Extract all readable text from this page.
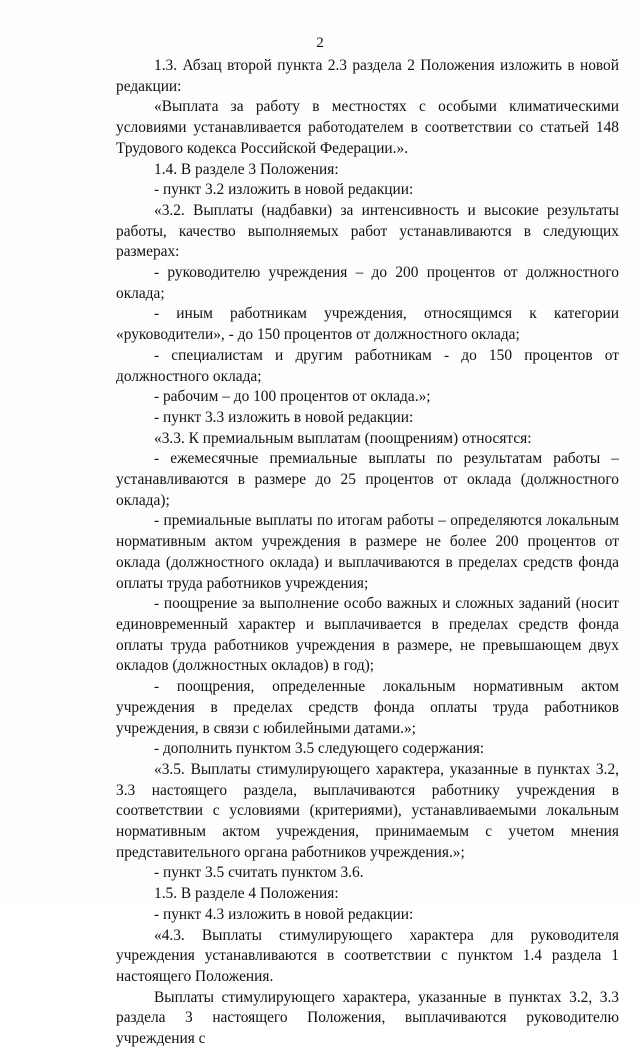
2

1.3. Абзац второй пункта 2.3 раздела 2 Положения изложить в новой редакции:

«Выплата за работу в местностях с особыми климатическими условиями устанавливается работодателем в соответствии со статьей 148 Трудового кодекса Российской Федерации.».

1.4. В разделе 3 Положения:

- пункт 3.2 изложить в новой редакции:

«3.2. Выплаты (надбавки) за интенсивность и высокие результаты работы, качество выполняемых работ устанавливаются в следующих размерах:

- руководителю учреждения – до 200 процентов от должностного оклада;

- иным работникам учреждения, относящимся к категории «руководители», - до 150 процентов от должностного оклада;

- специалистам и другим работникам - до 150 процентов от должностного оклада;

- рабочим – до 100 процентов от оклада.»;

- пункт 3.3 изложить в новой редакции:

«3.3. К премиальным выплатам (поощрениям) относятся:

- ежемесячные премиальные выплаты по результатам работы – устанавливаются в размере до 25 процентов от оклада (должностного оклада);

- премиальные выплаты по итогам работы – определяются локальным нормативным актом учреждения в размере не более 200 процентов от оклада (должностного оклада) и выплачиваются в пределах средств фонда оплаты труда работников учреждения;

- поощрение за выполнение особо важных и сложных заданий (носит единовременный характер и выплачивается в пределах средств фонда оплаты труда работников учреждения в размере, не превышающем двух окладов (должностных окладов) в год);

- поощрения, определенные локальным нормативным актом учреждения в пределах средств фонда оплаты труда работников учреждения, в связи с юбилейными датами.»;

- дополнить пунктом 3.5 следующего содержания:

«3.5. Выплаты стимулирующего характера, указанные в пунктах 3.2, 3.3 настоящего раздела, выплачиваются работнику учреждения в соответствии с условиями (критериями), устанавливаемыми локальным нормативным актом учреждения, принимаемым с учетом мнения представительного органа работников учреждения.»;

- пункт 3.5 считать пунктом 3.6.

1.5. В разделе 4 Положения:

- пункт 4.3 изложить в новой редакции:

«4.3. Выплаты стимулирующего характера для руководителя учреждения устанавливаются в соответствии с пунктом 1.4 раздела 1 настоящего Положения.

Выплаты стимулирующего характера, указанные в пунктах 3.2, 3.3 раздела 3 настоящего Положения, выплачиваются руководителю учреждения с
